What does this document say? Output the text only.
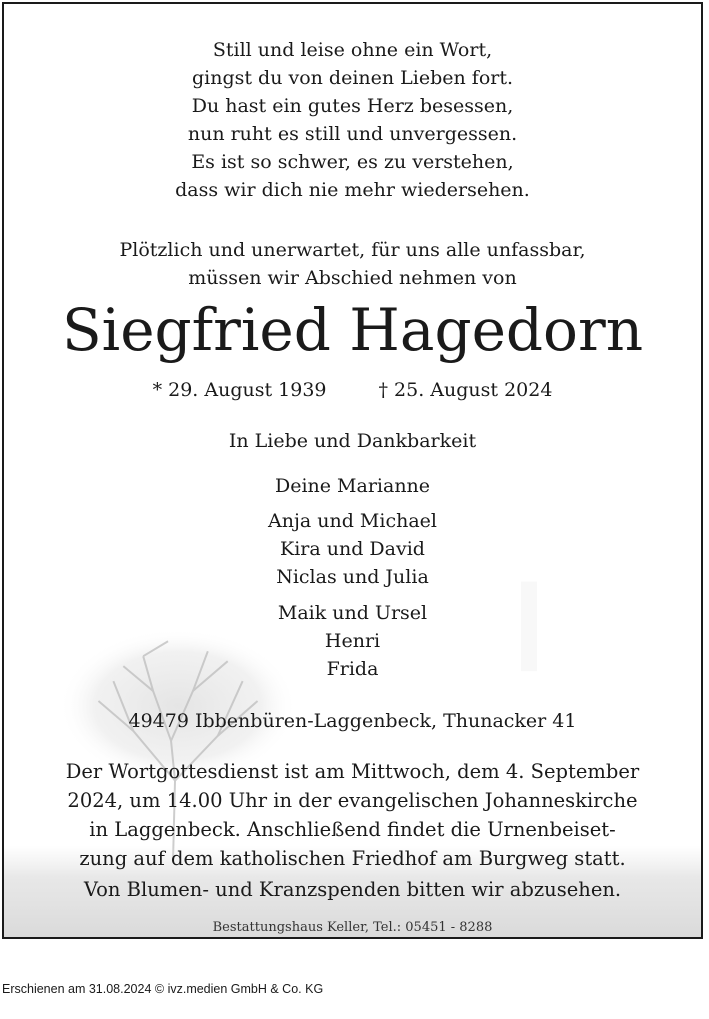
Still und leise ohne ein Wort,
gingst du von deinen Lieben fort.
Du hast ein gutes Herz besessen,
nun ruht es still und unvergessen.
Es ist so schwer, es zu verstehen,
dass wir dich nie mehr wiedersehen.
Plötzlich und unerwartet, für uns alle unfassbar,
müssen wir Abschied nehmen von
Siegfried Hagedorn
* 29. August 1939	† 25. August 2024
In Liebe und Dankbarkeit
Deine Marianne
Anja und Michael
Kira und David
Niclas und Julia
Maik und Ursel
Henri
Frida
49479 Ibbenbüren-Laggenbeck, Thunacker 41
Der Wortgottesdienst ist am Mittwoch, dem 4. September
2024, um 14.00 Uhr in der evangelischen Johanneskirche
in Laggenbeck. Anschließend findet die Urnenbeiset-
zung auf dem katholischen Friedhof am Burgweg statt.
Von Blumen- und Kranzspenden bitten wir abzusehen.
Bestattungshaus Keller, Tel.: 05451 - 8288
Erschienen am 31.08.2024 © ivz.medien GmbH & Co. KG
